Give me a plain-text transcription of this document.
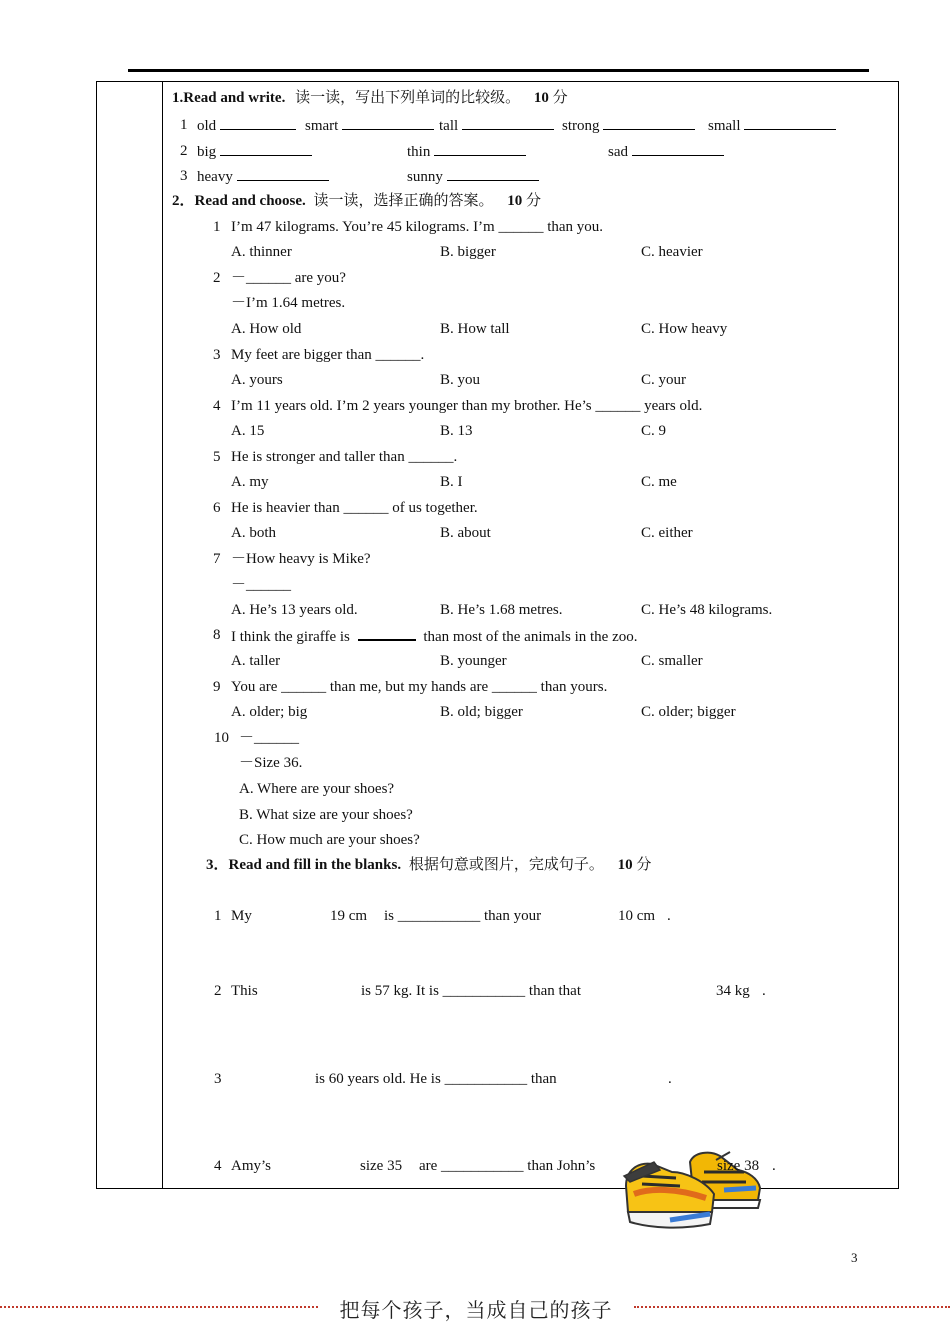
1.Read and write. 读一读，写出下列单词的比较级。 10 分
1 old	smart	tall	strong	small
2 big	thin	sad
3 heavy	sunny
2．Read and choose. 读一读，选择正确的答案。 10 分
1 I’m 47 kilograms. You’re 45 kilograms. I’m ______ than you.
A. thinner	B. bigger	C. heavier
2 －______ are you?
－I’m 1.64 metres.
A. How old	B. How tall	C. How heavy
3 My feet are bigger than ______.
A. yours	B. you	C. your
4 I’m 11 years old. I’m 2 years younger than my brother. He’s ______ years old.
A. 15	B. 13	C. 9
5 He is stronger and taller than ______.
A. my	B. I	C. me
6 He is heavier than ______ of us together.
A. both	B. about	C. either
7 －How heavy is Mike?
－______
A. He’s 13 years old.	B. He’s 1.68 metres.	C. He’s 48 kilograms.
8 I think the giraffe is	than most of the animals in the zoo.
A. taller	B. younger	C. smaller
9 You are ______ than me, but my hands are ______ than yours.
A. older; big	B. old; bigger	C. older; bigger
10 －______
－Size 36.
A. Where are your shoes?
B. What size are your shoes?
C. How much are your shoes?
3．Read and fill in the blanks. 根据句意或图片，完成句子。 10 分
1 My	19 cm is ___________ than your	10 cm .
2 This	is 57 kg. It is ___________ than that	34 kg .
3	is 60 years old. He is ___________ than	.
4 Amy’s	size 35 are ___________ than John’s	size 38 .
3
把每个孩子，当成自己的孩子
